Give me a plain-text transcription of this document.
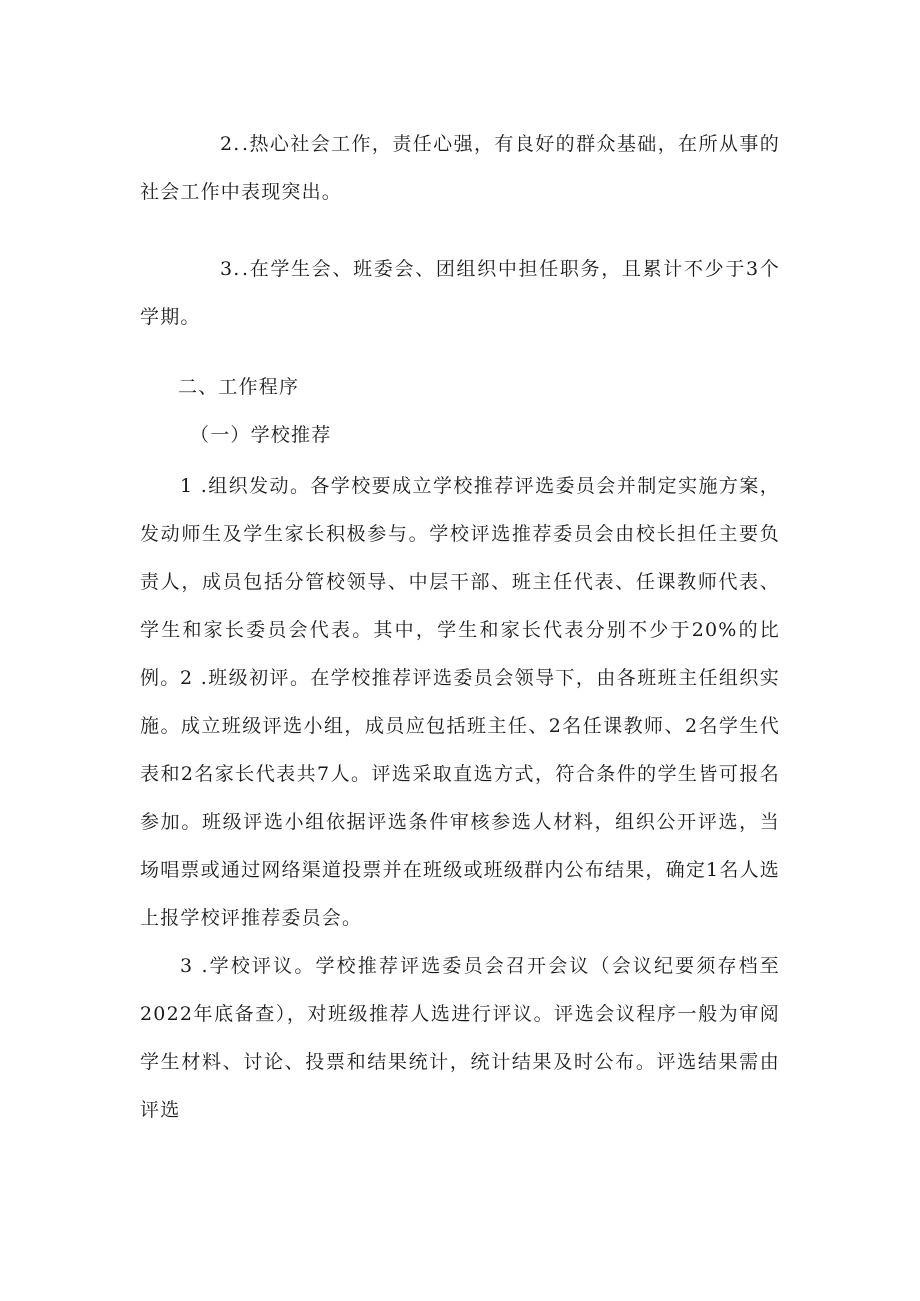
2..热心社会工作，责任心强，有良好的群众基础，在所从事的社会工作中表现突出。

3..在学生会、班委会、团组织中担任职务，且累计不少于3个学期。

二、工作程序

（一）学校推荐

1 .组织发动。各学校要成立学校推荐评选委员会并制定实施方案，发动师生及学生家长积极参与。学校评选推荐委员会由校长担任主要负责人，成员包括分管校领导、中层干部、班主任代表、任课教师代表、学生和家长委员会代表。其中，学生和家长代表分别不少于20%的比例。 2 .班级初评。在学校推荐评选委员会领导下，由各班班主任组织实施。成立班级评选小组，成员应包括班主任、2名任课教师、2名学生代表和2名家长代表共7人。评选采取直选方式，符合条件的学生皆可报名参加。班级评选小组依据评选条件审核参选人材料，组织公开评选，当场唱票或通过网络渠道投票并在班级或班级群内公布结果，确定1名人选上报学校评推荐委员会。

3 .学校评议。学校推荐评选委员会召开会议（会议纪要须存档至2022年底备查），对班级推荐人选进行评议。评选会议程序一般为审阅学生材料、讨论、投票和结果统计，统计结果及时公布。评选结果需由评选
